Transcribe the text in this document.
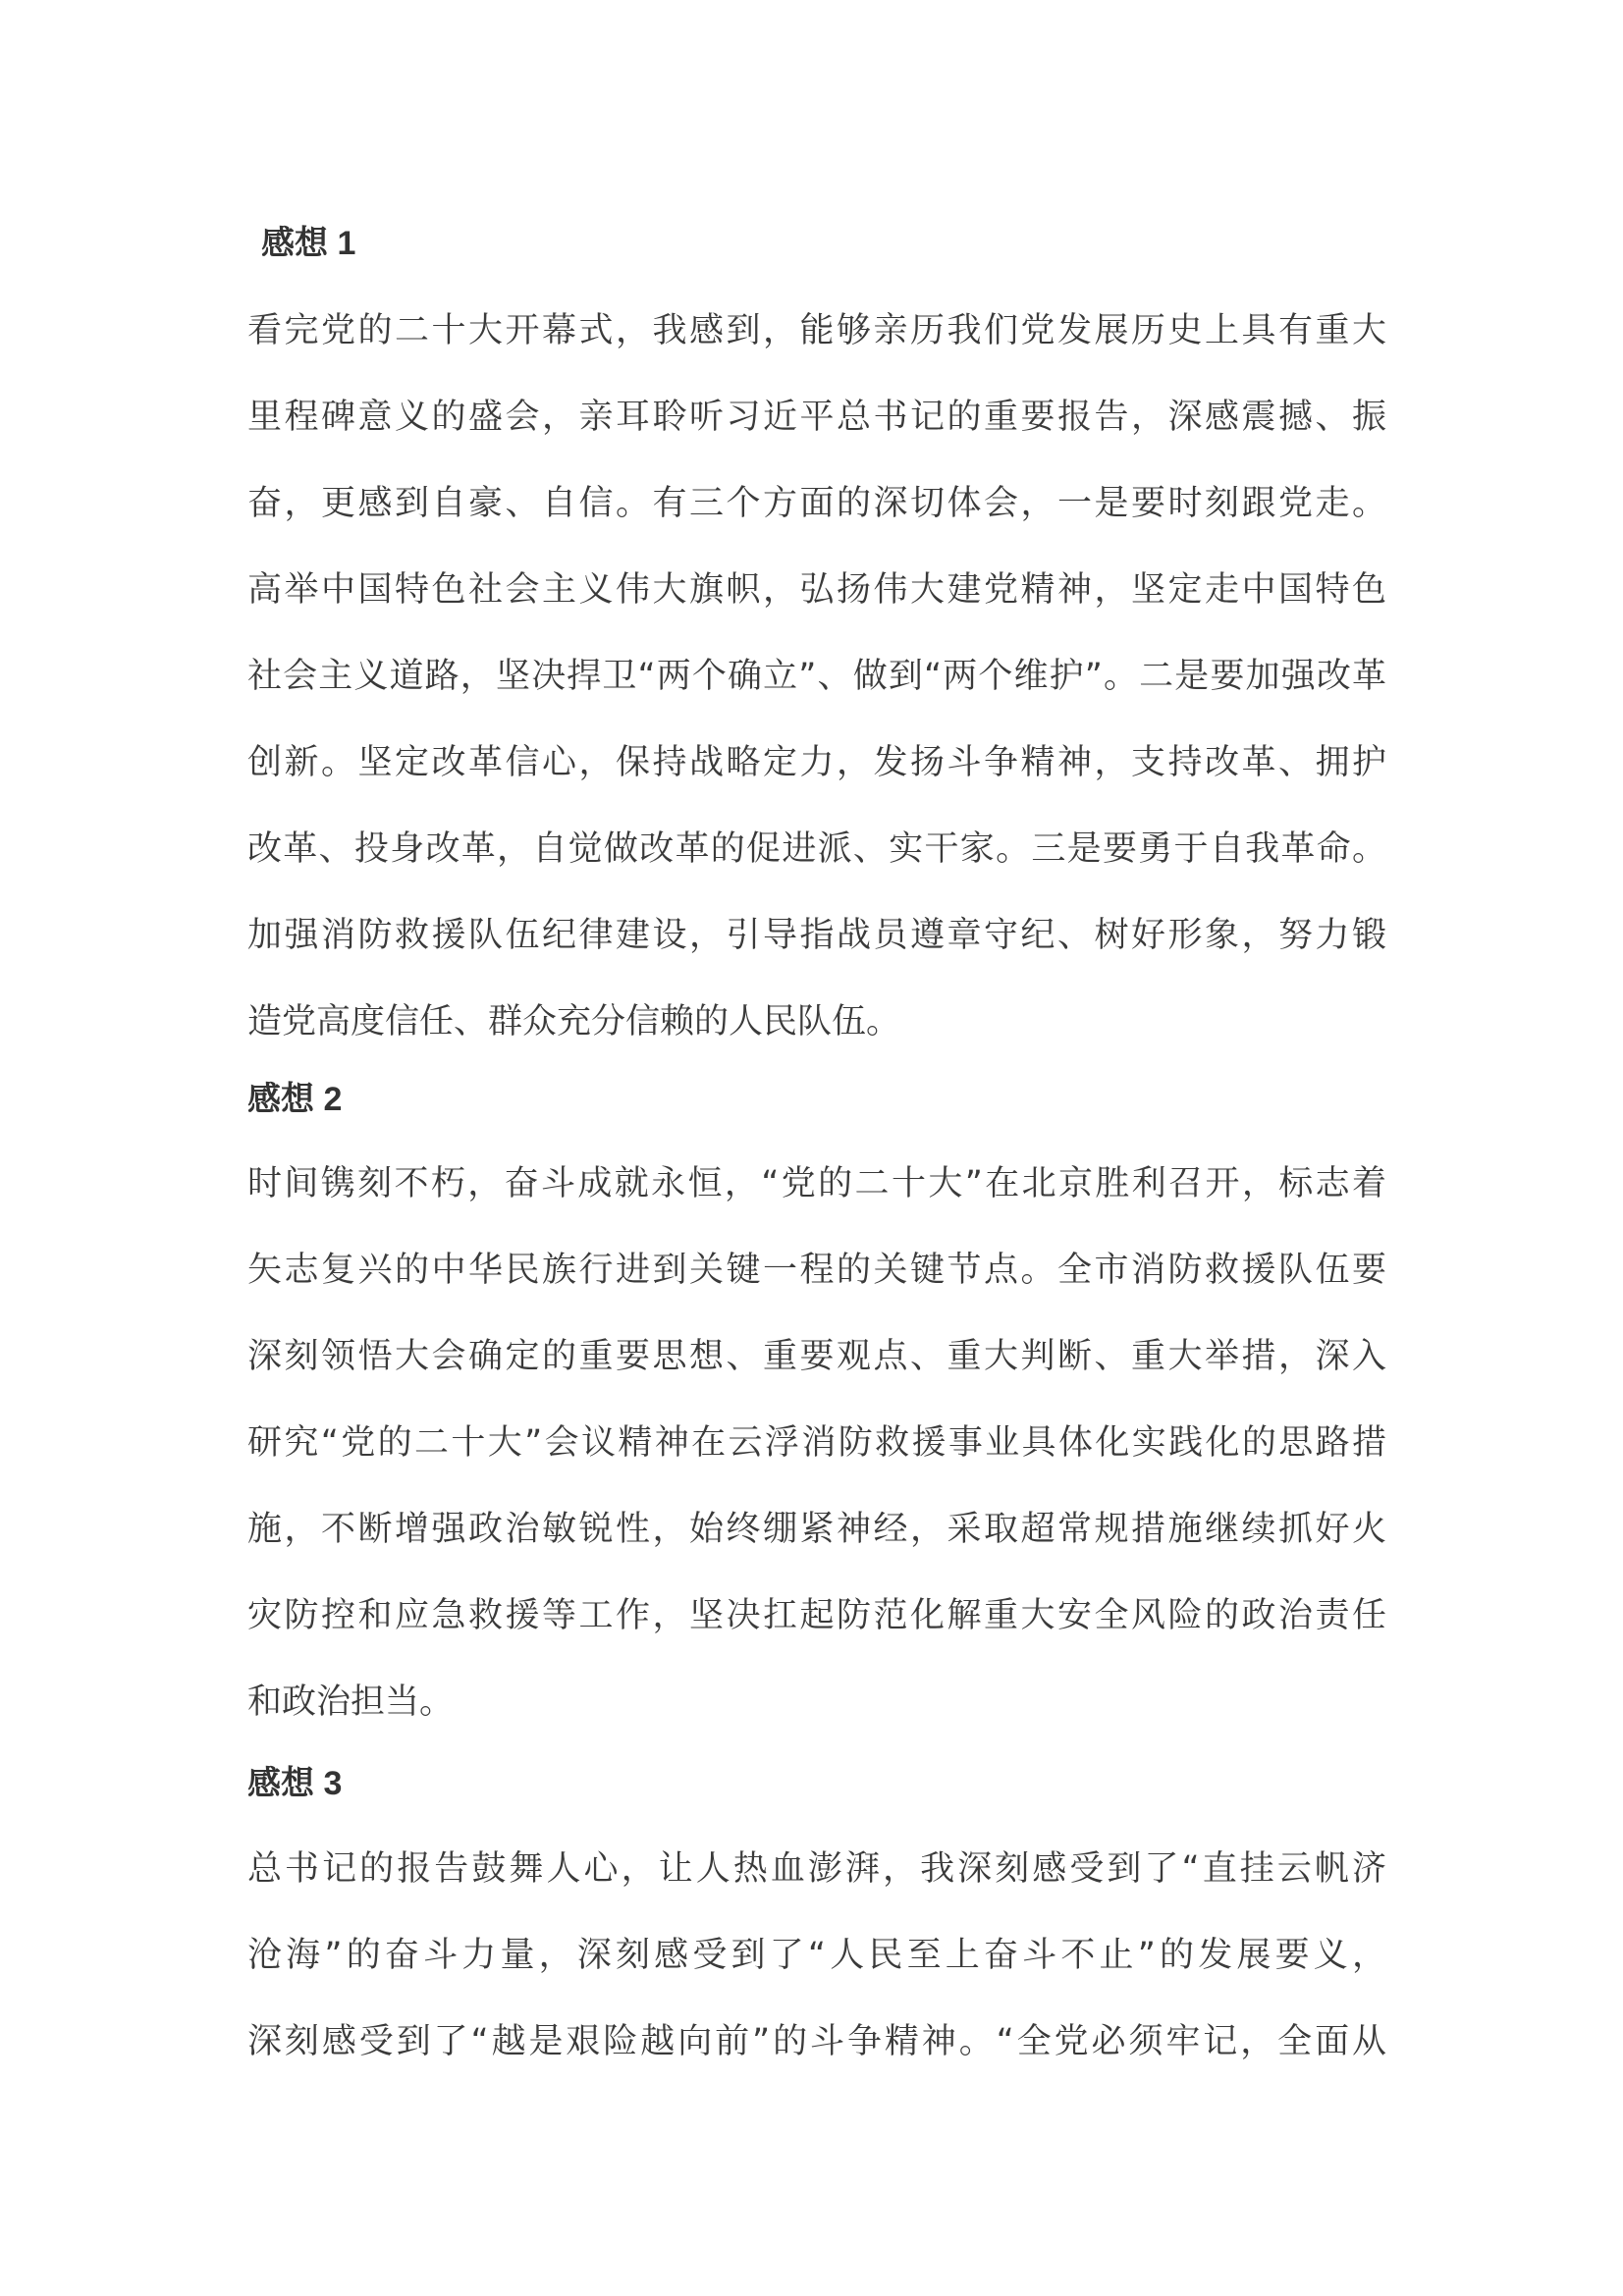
感想 1
看完党的二十大开幕式，我感到，能够亲历我们党发展历史上具有重大
里程碑意义的盛会，亲耳聆听习近平总书记的重要报告，深感震撼、振
奋，更感到自豪、自信。有三个方面的深切体会，一是要时刻跟党走。
高举中国特色社会主义伟大旗帜，弘扬伟大建党精神，坚定走中国特色
社会主义道路，坚决捍卫“两个确立”、做到“两个维护”。二是要加强改革
创新。坚定改革信心，保持战略定力，发扬斗争精神，支持改革、拥护
改革、投身改革，自觉做改革的促进派、实干家。三是要勇于自我革命。
加强消防救援队伍纪律建设，引导指战员遵章守纪、树好形象，努力锻
造党高度信任、群众充分信赖的人民队伍。
感想 2
时间镌刻不朽，奋斗成就永恒，“党的二十大”在北京胜利召开，标志着
矢志复兴的中华民族行进到关键一程的关键节点。全市消防救援队伍要
深刻领悟大会确定的重要思想、重要观点、重大判断、重大举措，深入
研究“党的二十大”会议精神在云浮消防救援事业具体化实践化的思路措
施，不断增强政治敏锐性，始终绷紧神经，采取超常规措施继续抓好火
灾防控和应急救援等工作，坚决扛起防范化解重大安全风险的政治责任
和政治担当。
感想 3
总书记的报告鼓舞人心，让人热血澎湃，我深刻感受到了“直挂云帆济
沧海”的奋斗力量，深刻感受到了“人民至上奋斗不止”的发展要义，
深刻感受到了“越是艰险越向前”的斗争精神。“全党必须牢记，全面从
